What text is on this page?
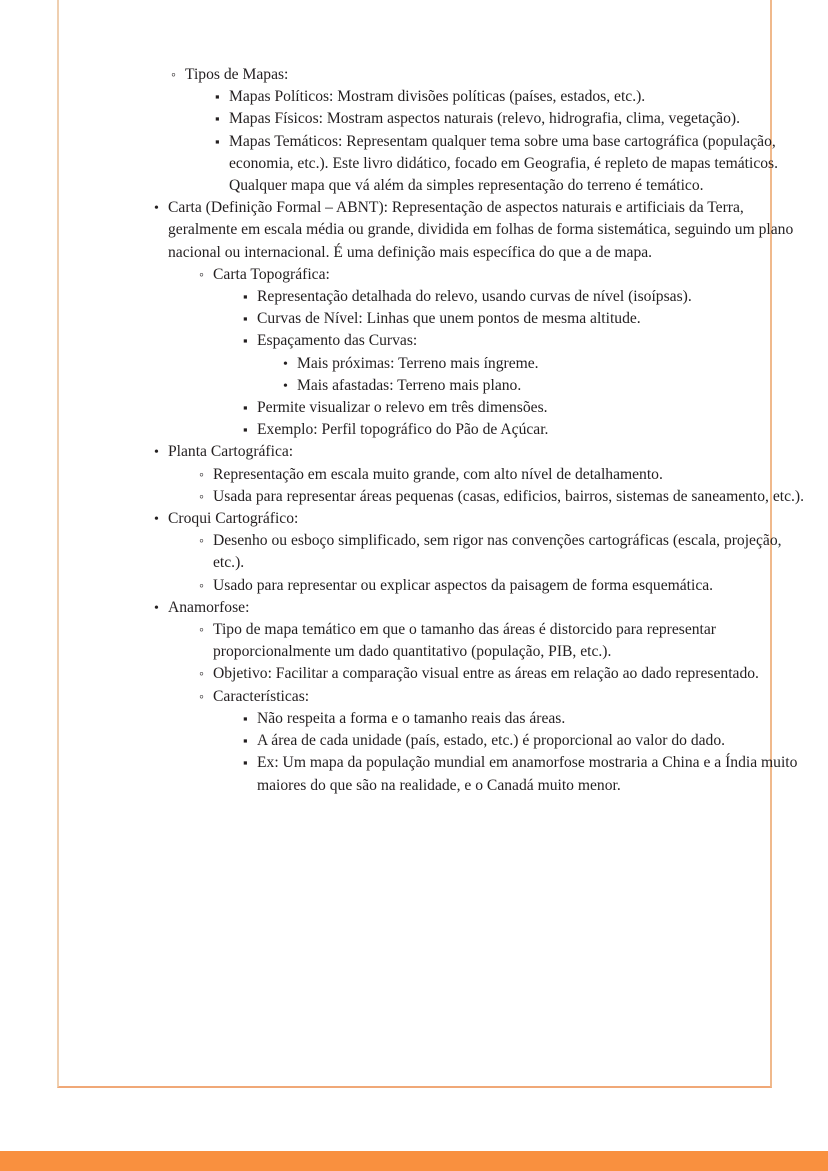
◦
Tipos de Mapas:
▪
Mapas Políticos: Mostram divisões políticas (países, estados, etc.).
▪
Mapas Físicos: Mostram aspectos naturais (relevo, hidrografia, clima, vegetação).
▪
Mapas Temáticos: Representam qualquer tema sobre uma base cartográfica (população, economia, etc.). Este livro didático, focado em Geografia, é repleto de mapas temáticos. Qualquer mapa que vá além da simples representação do terreno é temático.
•
Carta (Definição Formal – ABNT): Representação de aspectos naturais e artificiais da Terra, geralmente em escala média ou grande, dividida em folhas de forma sistemática, seguindo um plano nacional ou internacional. É uma definição mais específica do que a de mapa.
◦
Carta Topográfica:
▪
Representação detalhada do relevo, usando curvas de nível (isoípsas).
▪
Curvas de Nível: Linhas que unem pontos de mesma altitude.
▪
Espaçamento das Curvas:
•
Mais próximas: Terreno mais íngreme.
•
Mais afastadas: Terreno mais plano.
▪
Permite visualizar o relevo em três dimensões.
▪
Exemplo: Perfil topográfico do Pão de Açúcar.
•
Planta Cartográfica:
◦
Representação em escala muito grande, com alto nível de detalhamento.
◦
Usada para representar áreas pequenas (casas, edificios, bairros, sistemas de saneamento, etc.).
•
Croqui Cartográfico:
◦
Desenho ou esboço simplificado, sem rigor nas convenções cartográficas (escala, projeção, etc.).
◦
Usado para representar ou explicar aspectos da paisagem de forma esquemática.
•
Anamorfose:
◦
Tipo de mapa temático em que o tamanho das áreas é distorcido para representar proporcionalmente um dado quantitativo (população, PIB, etc.).
◦
Objetivo: Facilitar a comparação visual entre as áreas em relação ao dado representado.
◦
Características:
▪
Não respeita a forma e o tamanho reais das áreas.
▪
A área de cada unidade (país, estado, etc.) é proporcional ao valor do dado.
▪
Ex: Um mapa da população mundial em anamorfose mostraria a China e a Índia muito maiores do que são na realidade, e o Canadá muito menor.
